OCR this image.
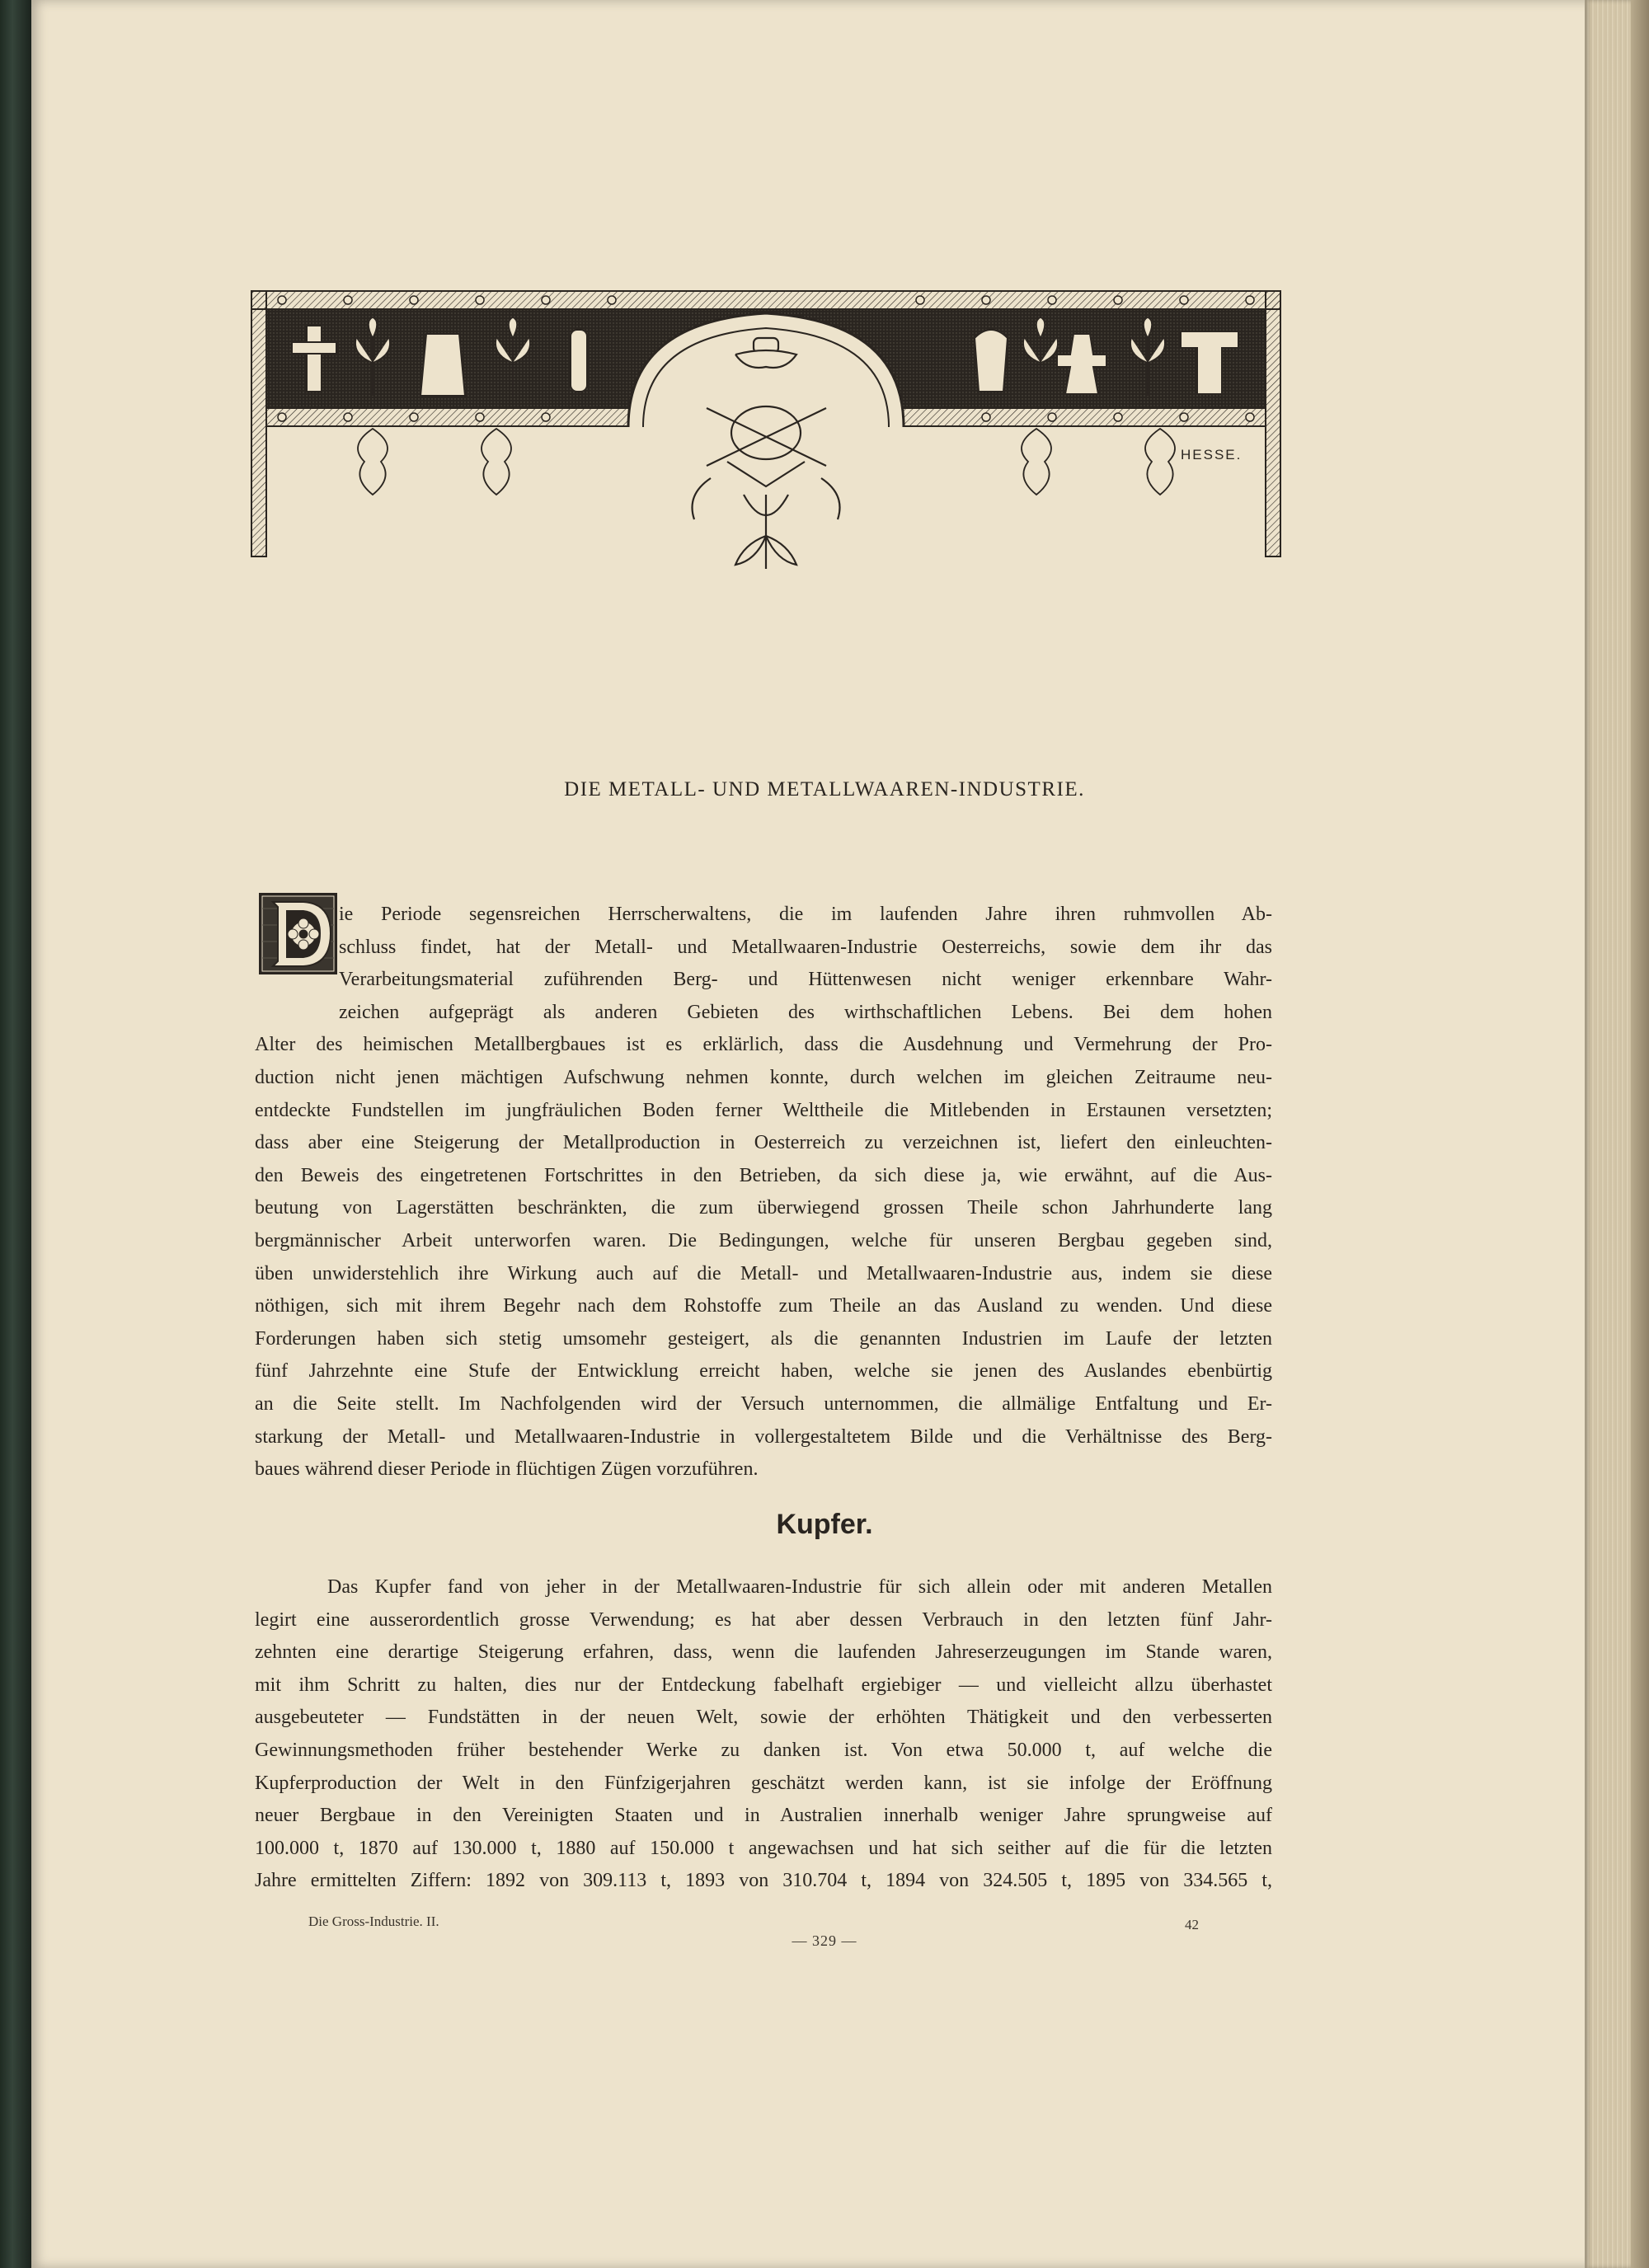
HESSE.
DIE METALL- UND METALLWAAREN-INDUSTRIE.
ie Periode segensreichen Herrscherwaltens, die im laufenden Jahre ihren ruhmvollen Ab-
schluss findet, hat der Metall- und Metallwaaren-Industrie Oesterreichs, sowie dem ihr das
Verarbeitungsmaterial zuführenden Berg- und Hüttenwesen nicht weniger erkennbare Wahr-
zeichen aufgeprägt als anderen Gebieten des wirthschaftlichen Lebens. Bei dem hohen
Alter des heimischen Metallbergbaues ist es erklärlich, dass die Ausdehnung und Vermehrung der Pro-
duction nicht jenen mächtigen Aufschwung nehmen konnte, durch welchen im gleichen Zeitraume neu-
entdeckte Fundstellen im jungfräulichen Boden ferner Welttheile die Mitlebenden in Erstaunen versetzten;
dass aber eine Steigerung der Metallproduction in Oesterreich zu verzeichnen ist, liefert den einleuchten-
den Beweis des eingetretenen Fortschrittes in den Betrieben, da sich diese ja, wie erwähnt, auf die Aus-
beutung von Lagerstätten beschränkten, die zum überwiegend grossen Theile schon Jahrhunderte lang
bergmännischer Arbeit unterworfen waren. Die Bedingungen, welche für unseren Bergbau gegeben sind,
üben unwiderstehlich ihre Wirkung auch auf die Metall- und Metallwaaren-Industrie aus, indem sie diese
nöthigen, sich mit ihrem Begehr nach dem Rohstoffe zum Theile an das Ausland zu wenden. Und diese
Forderungen haben sich stetig umsomehr gesteigert, als die genannten Industrien im Laufe der letzten
fünf Jahrzehnte eine Stufe der Entwicklung erreicht haben, welche sie jenen des Auslandes ebenbürtig
an die Seite stellt. Im Nachfolgenden wird der Versuch unternommen, die allmälige Entfaltung und Er-
starkung der Metall- und Metallwaaren-Industrie in vollergestaltetem Bilde und die Verhältnisse des Berg-
baues während dieser Periode in flüchtigen Zügen vorzuführen.
Kupfer.
Das Kupfer fand von jeher in der Metallwaaren-Industrie für sich allein oder mit anderen Metallen
legirt eine ausserordentlich grosse Verwendung; es hat aber dessen Verbrauch in den letzten fünf Jahr-
zehnten eine derartige Steigerung erfahren, dass, wenn die laufenden Jahreserzeugungen im Stande waren,
mit ihm Schritt zu halten, dies nur der Entdeckung fabelhaft ergiebiger — und vielleicht allzu überhastet
ausgebeuteter — Fundstätten in der neuen Welt, sowie der erhöhten Thätigkeit und den verbesserten
Gewinnungsmethoden früher bestehender Werke zu danken ist. Von etwa 50.000 t, auf welche die
Kupferproduction der Welt in den Fünfzigerjahren geschätzt werden kann, ist sie infolge der Eröffnung
neuer Bergbaue in den Vereinigten Staaten und in Australien innerhalb weniger Jahre sprungweise auf
100.000 t, 1870 auf 130.000 t, 1880 auf 150.000 t angewachsen und hat sich seither auf die für die letzten
Jahre ermittelten Ziffern: 1892 von 309.113 t, 1893 von 310.704 t, 1894 von 324.505 t, 1895 von 334.565 t,
Die Gross-Industrie. II.	42
— 329 —
